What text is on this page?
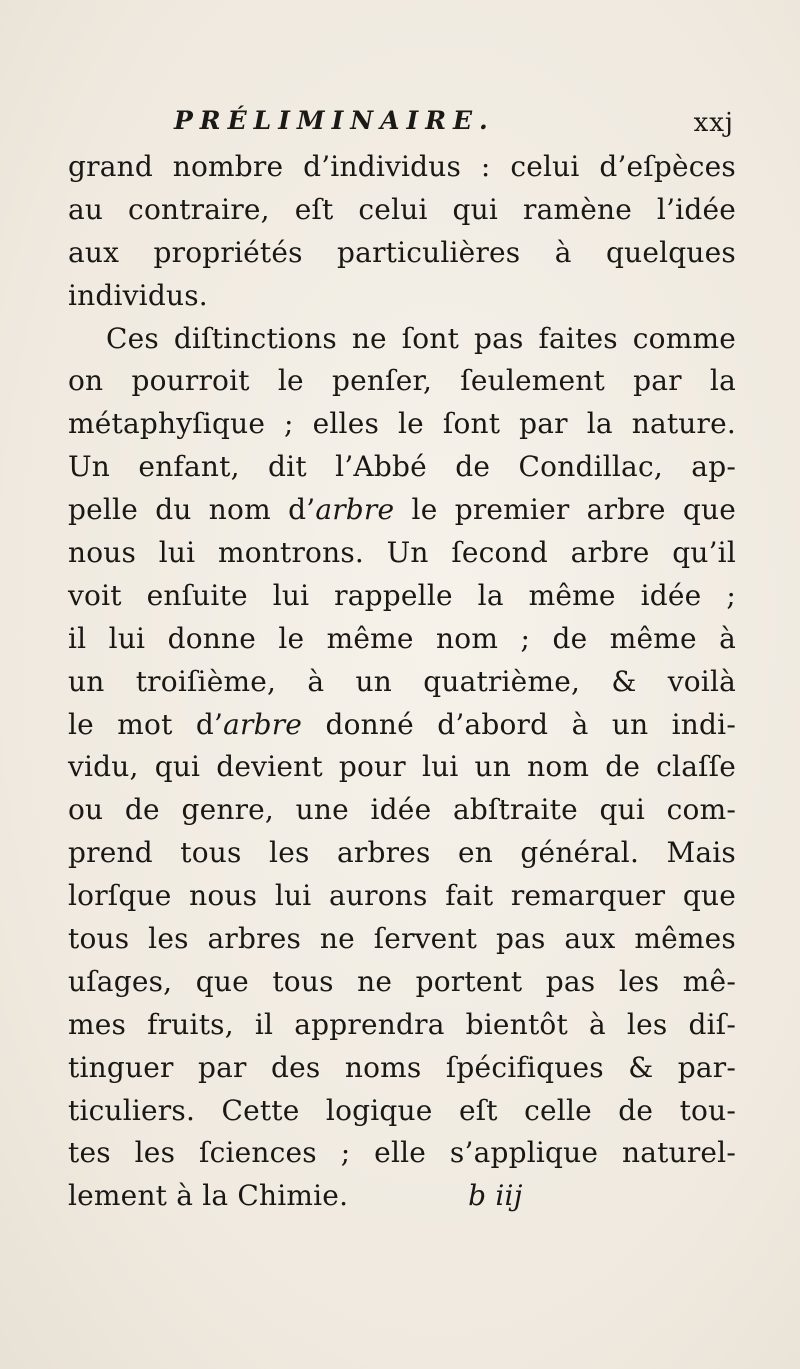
PRÉLIMINAIRE.	xxj
grand nombre d’individus : celui d’eſpèces
au contraire, eſt celui qui ramène l’idée
aux propriétés particulières à quelques
individus.
Ces diſtinctions ne ſont pas faites comme
on pourroit le penſer, ſeulement par la
métaphyſique ; elles le ſont par la nature.
Un enfant, dit l’Abbé de Condillac, ap-
pelle du nom d’arbre le premier arbre que
nous lui montrons. Un ſecond arbre qu’il
voit enſuite lui rappelle la même idée ;
il lui donne le même nom ; de même à
un troiſième, à un quatrième, & voilà
le mot d’arbre donné d’abord à un indi-
vidu, qui devient pour lui un nom de claſſe
ou de genre, une idée abſtraite qui com-
prend tous les arbres en général. Mais
lorſque nous lui aurons fait remarquer que
tous les arbres ne ſervent pas aux mêmes
uſages, que tous ne portent pas les mê-
mes fruits, il apprendra bientôt à les diſ-
tinguer par des noms ſpécifiques & par-
ticuliers. Cette logique eſt celle de tou-
tes les ſciences ; elle s’applique naturel-
lement à la Chimie.	b iij
